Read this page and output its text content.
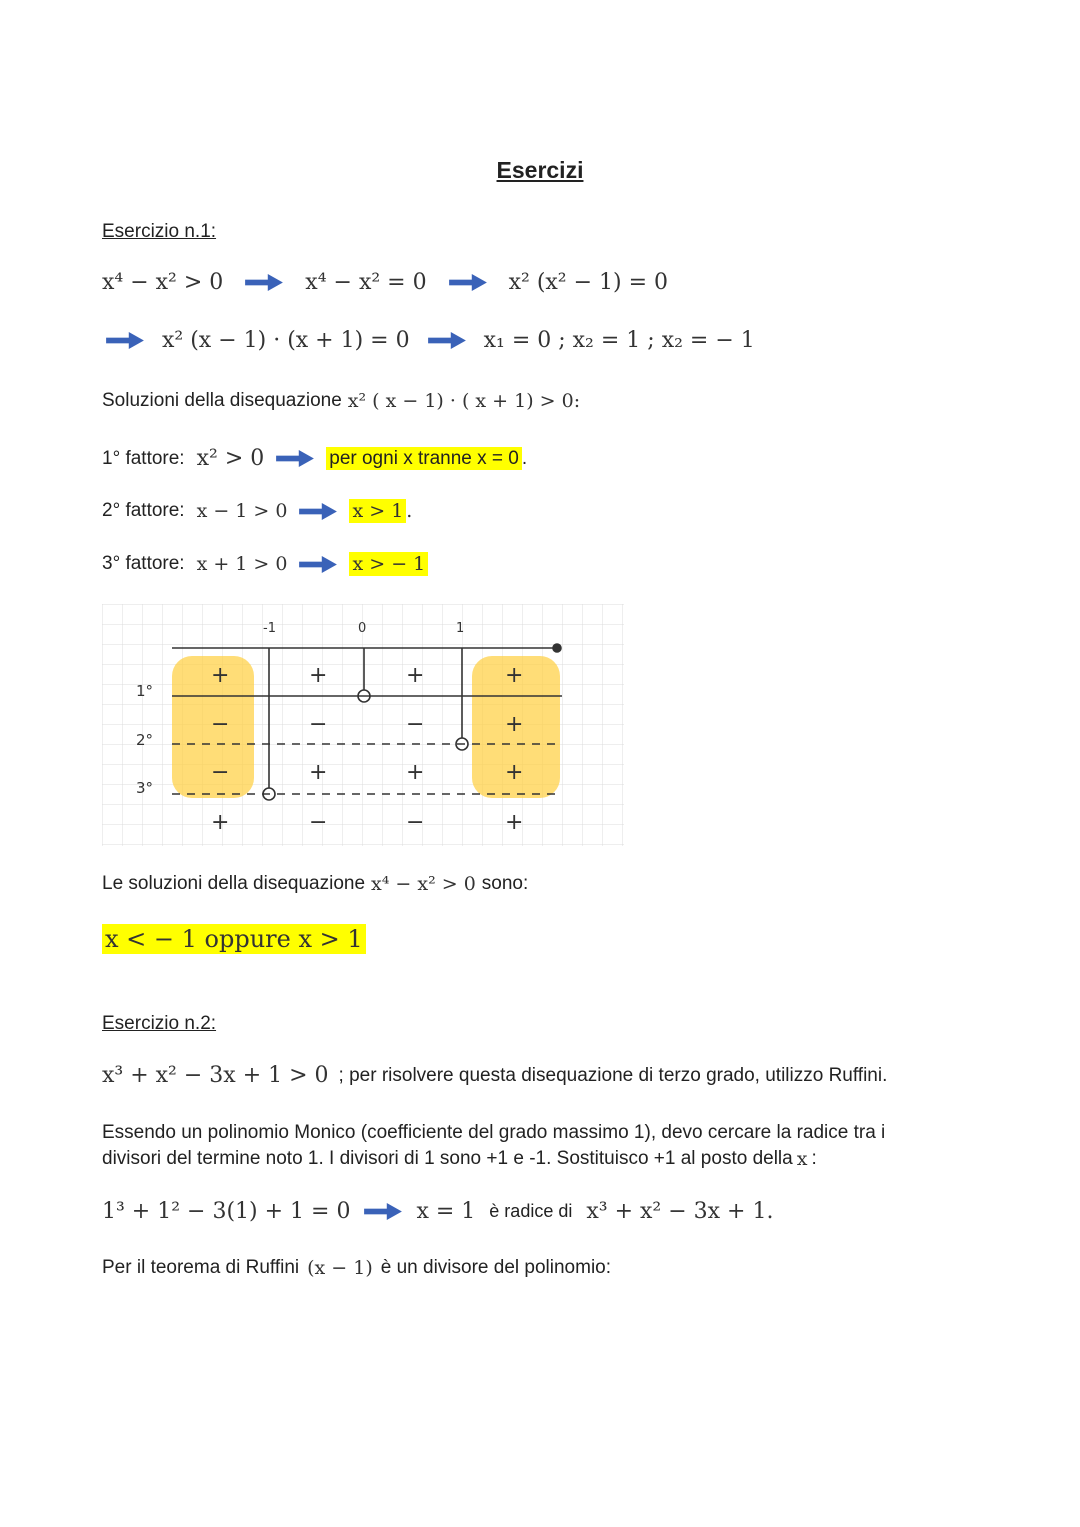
Esercizi
Esercizio n.1:
x⁴ − x² > 0	x⁴ − x² = 0	x² (x² − 1) = 0
x² (x − 1) · (x + 1) = 0	x₁ = 0 ; x₂ = 1 ; x₂ = − 1
Soluzioni della disequazione x² ( x − 1) · ( x + 1) > 0:
1° fattore: x² > 0	per ogni x tranne x = 0 .
2° fattore: x − 1 > 0	x > 1 .
3° fattore: x + 1 > 0	x > − 1
-1	0	1
1°
+	+	+	+
2°
−	−	−	+
3°
−	+	+	+
+	−	−	+
Le soluzioni della disequazione x⁴ − x² > 0 sono:
x < − 1 oppure x > 1
Esercizio n.2:
x³ + x² − 3x + 1 > 0 ; per risolvere questa disequazione di terzo grado, utilizzo Ruffini.
Essendo un polinomio Monico (coefficiente del grado massimo 1), devo cercare la radice tra i
divisori del termine noto 1. I divisori di 1 sono +1 e -1. Sostituisco +1 al posto della x :
1³ + 1² − 3(1) + 1 = 0	x = 1 è radice di x³ + x² − 3x + 1.
Per il teorema di Ruffini (x − 1) è un divisore del polinomio:
